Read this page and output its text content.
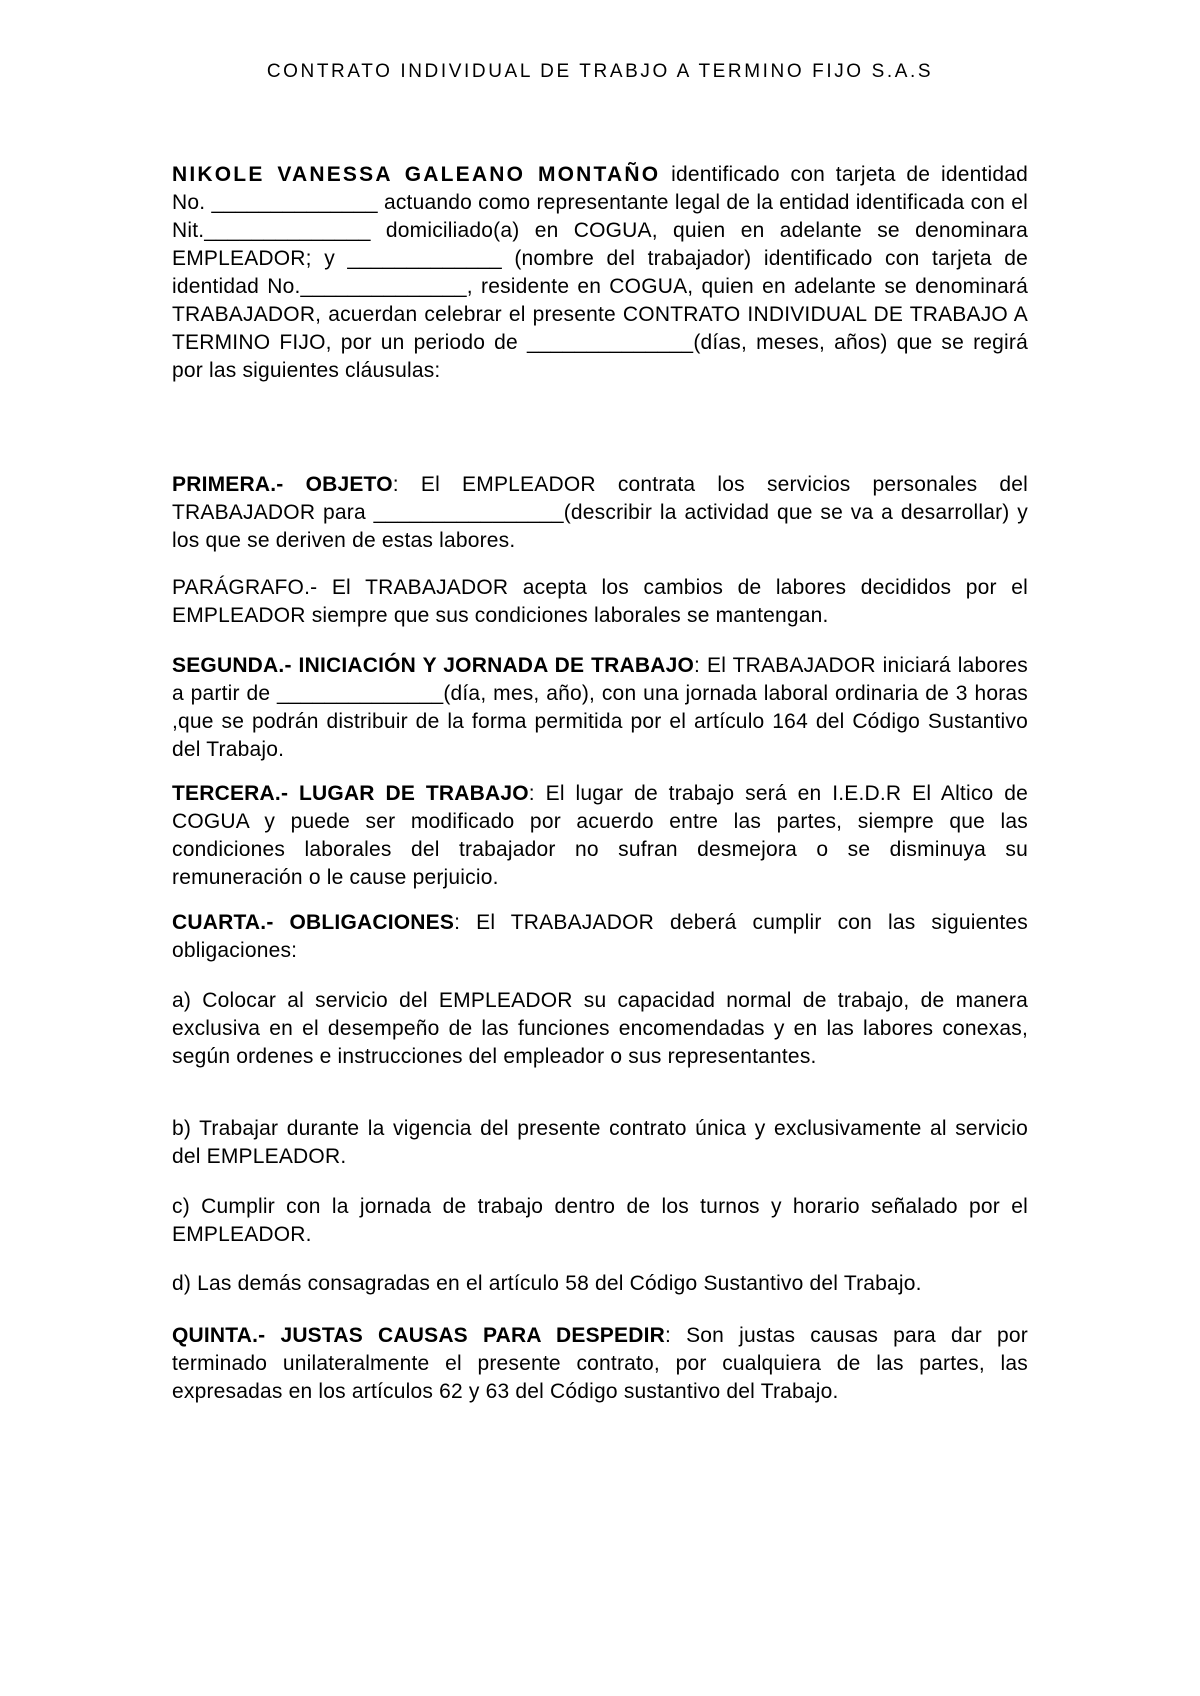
CONTRATO INDIVIDUAL DE TRABJO A TERMINO FIJO S.A.S

NIKOLE VANESSA GALEANO MONTAÑO identificado con tarjeta de identidad No. ______________ actuando como representante legal de la entidad identificada con el Nit.______________ domiciliado(a) en COGUA, quien en adelante se denominara EMPLEADOR; y _____________ (nombre del trabajador) identificado con tarjeta de identidad No.______________, residente en COGUA, quien en adelante se denominará TRABAJADOR, acuerdan celebrar el presente CONTRATO INDIVIDUAL DE TRABAJO A TERMINO FIJO, por un periodo de ______________(días, meses, años) que se regirá por las siguientes cláusulas:

PRIMERA.- OBJETO: El EMPLEADOR contrata los servicios personales del TRABAJADOR para ________________(describir la actividad que se va a desarrollar) y los que se deriven de estas labores.

PARÁGRAFO.- El TRABAJADOR acepta los cambios de labores decididos por el EMPLEADOR siempre que sus condiciones laborales se mantengan.

SEGUNDA.- INICIACIÓN Y JORNADA DE TRABAJO: El TRABAJADOR iniciará labores a partir de ______________(día, mes, año), con una jornada laboral ordinaria de 3 horas ,que se podrán distribuir de la forma permitida por el artículo 164 del Código Sustantivo del Trabajo.

TERCERA.- LUGAR DE TRABAJO: El lugar de trabajo será en I.E.D.R El Altico de COGUA y puede ser modificado por acuerdo entre las partes, siempre que las condiciones laborales del trabajador no sufran desmejora o se disminuya su remuneración o le cause perjuicio.

CUARTA.- OBLIGACIONES: El TRABAJADOR deberá cumplir con las siguientes obligaciones:

a) Colocar al servicio del EMPLEADOR su capacidad normal de trabajo, de manera exclusiva en el desempeño de las funciones encomendadas y en las labores conexas, según ordenes e instrucciones del empleador o sus representantes.

b) Trabajar durante la vigencia del presente contrato única y exclusivamente al servicio del EMPLEADOR.

c) Cumplir con la jornada de trabajo dentro de los turnos y horario señalado por el EMPLEADOR.

d) Las demás consagradas en el artículo 58 del Código Sustantivo del Trabajo.

QUINTA.- JUSTAS CAUSAS PARA DESPEDIR: Son justas causas para dar por terminado unilateralmente el presente contrato, por cualquiera de las partes, las expresadas en los artículos 62 y 63 del Código sustantivo del Trabajo.
